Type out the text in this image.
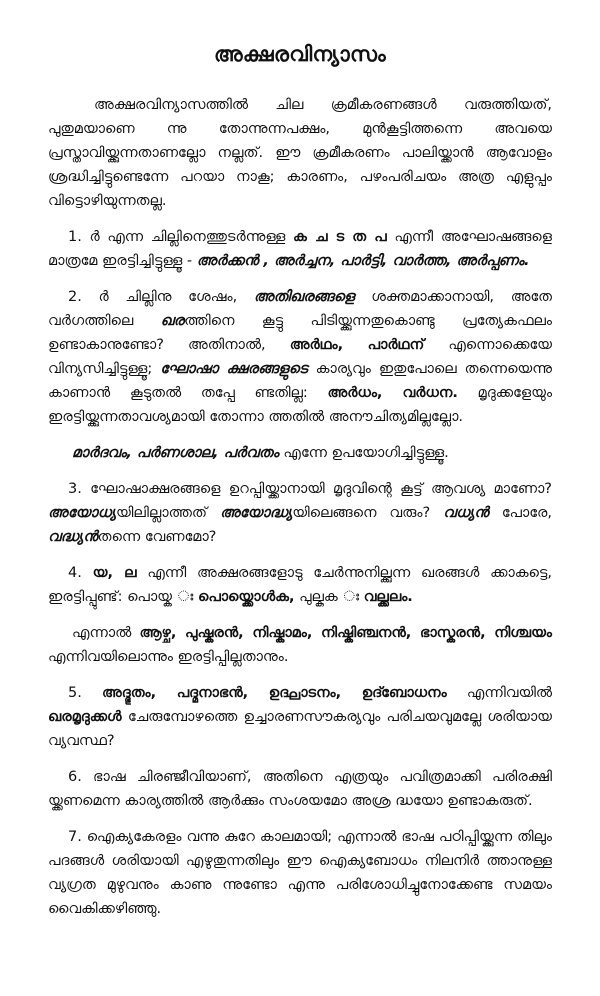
അക്ഷരവിന്യാസം

അക്ഷരവിന്യാസത്തിൽ ചില ക്രമീകരണങ്ങൾ വരുത്തിയത്, പുതുമയാണെ ന്നു തോന്നുന്നപക്ഷം, മുൻകൂട്ടിത്തന്നെ അവയെ പ്രസ്താവിയ്ക്കുന്നതാണല്ലോ നല്ലത്. ഈ ക്രമീകരണം പാലിയ്ക്കാൻ ആവോളം ശ്രദ്ധിച്ചിട്ടുണ്ടെന്നേ പറയാ നാകൂ; കാരണം, പഴംപരിചയം അത്ര എളുപ്പം വിട്ടൊഴിയുന്നതല്ല.

1. ർ എന്ന ചില്ലിനെത്തുടർന്നുള്ള ക ച ട ത പ എന്നീ അഘോഷങ്ങളെ മാത്രമേ ഇരട്ടിച്ചിട്ടുള്ളൂ - അർക്കൻ , അർച്ചന, പാർട്ടി, വാർത്ത, അർപ്പണം.

2. ർ ചില്ലിനു ശേഷം, അതിഖരങ്ങളെ ശക്തമാക്കാനായി, അതേ വർഗത്തിലെ ഖരത്തിനെ കൂട്ടു പിടിയ്ക്കുന്നതുകൊണ്ടു പ്രത്യേകഫലം ഉണ്ടാകാനുണ്ടോ? അതിനാൽ, അർഥം, പാർഥന് എന്നൊക്കെയേ വിന്യസിച്ചിട്ടുള്ളൂ; ഘോഷാ ക്ഷരങ്ങളുടെ കാര്യവും ഇതുപോലെ തന്നെയെന്നു കാണാൻ കൂടുതൽ തപ്പേ ണ്ടതില്ല: അർധം, വർധന. മൃദുക്കളേയും ഇരട്ടിയ്ക്കുന്നതാവശ്യമായി തോന്നാ ത്തതിൽ അനൗചിത്യമില്ലല്ലോ.

മാർദവം, പർണശാല, പർവതം എന്നേ ഉപയോഗിച്ചിട്ടുള്ളൂ.

3. ഘോഷാക്ഷരങ്ങളെ ഉറപ്പിയ്ക്കാനായി മൃദുവിന്റെ കൂട്ട് ആവശ്യ മാണോ? അയോധ്യയിലില്ലാത്തത് അയോദ്ധ്യയിലെങ്ങനെ വരും? വധ്യൻ പോരേ, വദ്ധ്യൻതന്നെ വേണമോ?

4. യ, ല എന്നീ അക്ഷരങ്ങളോടു ചേർന്നുനില്ക്കുന്ന ഖരങ്ങൾ ക്കാകട്ടെ, ഇരട്ടിപ്പുണ്ട്: പൊയ്ക ഃ പൊയ്ക്കൊൾക, പുല്കുക ഃ വല്ക്കലം.

എന്നാൽ ആഴ്ച, പുഷ്കരൻ, നിഷ്കാമം, നിഷ്കിഞ്ചനൻ, ഭാസ്കരൻ, നിശ്ചയം എന്നിവയിലൊന്നും ഇരട്ടിപ്പില്ലതാനും.

5. അദ്ഭുതം, പദ്മനാഭൻ, ഉദ്ഘാടനം, ഉദ്ബോധനം എന്നിവയിൽ ഖരമൃദുക്കൾ ചേരുമ്പോഴത്തെ ഉച്ചാരണസൗകര്യവും പരിചയവുമല്ലേ ശരിയായ വ്യവസ്ഥ?

6. ഭാഷ ചിരഞ്ജീവിയാണ്, അതിനെ എത്രയും പവിത്രമാക്കി പരിരക്ഷി യ്ക്കണമെന്ന കാര്യത്തിൽ ആർക്കും സംശയമോ അശ്ര ദ്ധയോ ഉണ്ടാകരുത്.

7. ഐക്യകേരളം വന്നു കുറേ കാലമായി; എന്നാൽ ഭാഷ പഠിപ്പിയ്ക്കുന്ന തിലും പദങ്ങൾ ശരിയായി എഴുതുന്നതിലും ഈ ഐക്യബോധം നിലനിർ ത്താനുള്ള വ്യഗ്രത മുഴുവനും കാണു ന്നുണ്ടോ എന്നു പരിശോധിച്ചുനോക്കേണ്ട സമയം വൈകിക്കഴിഞ്ഞു.
